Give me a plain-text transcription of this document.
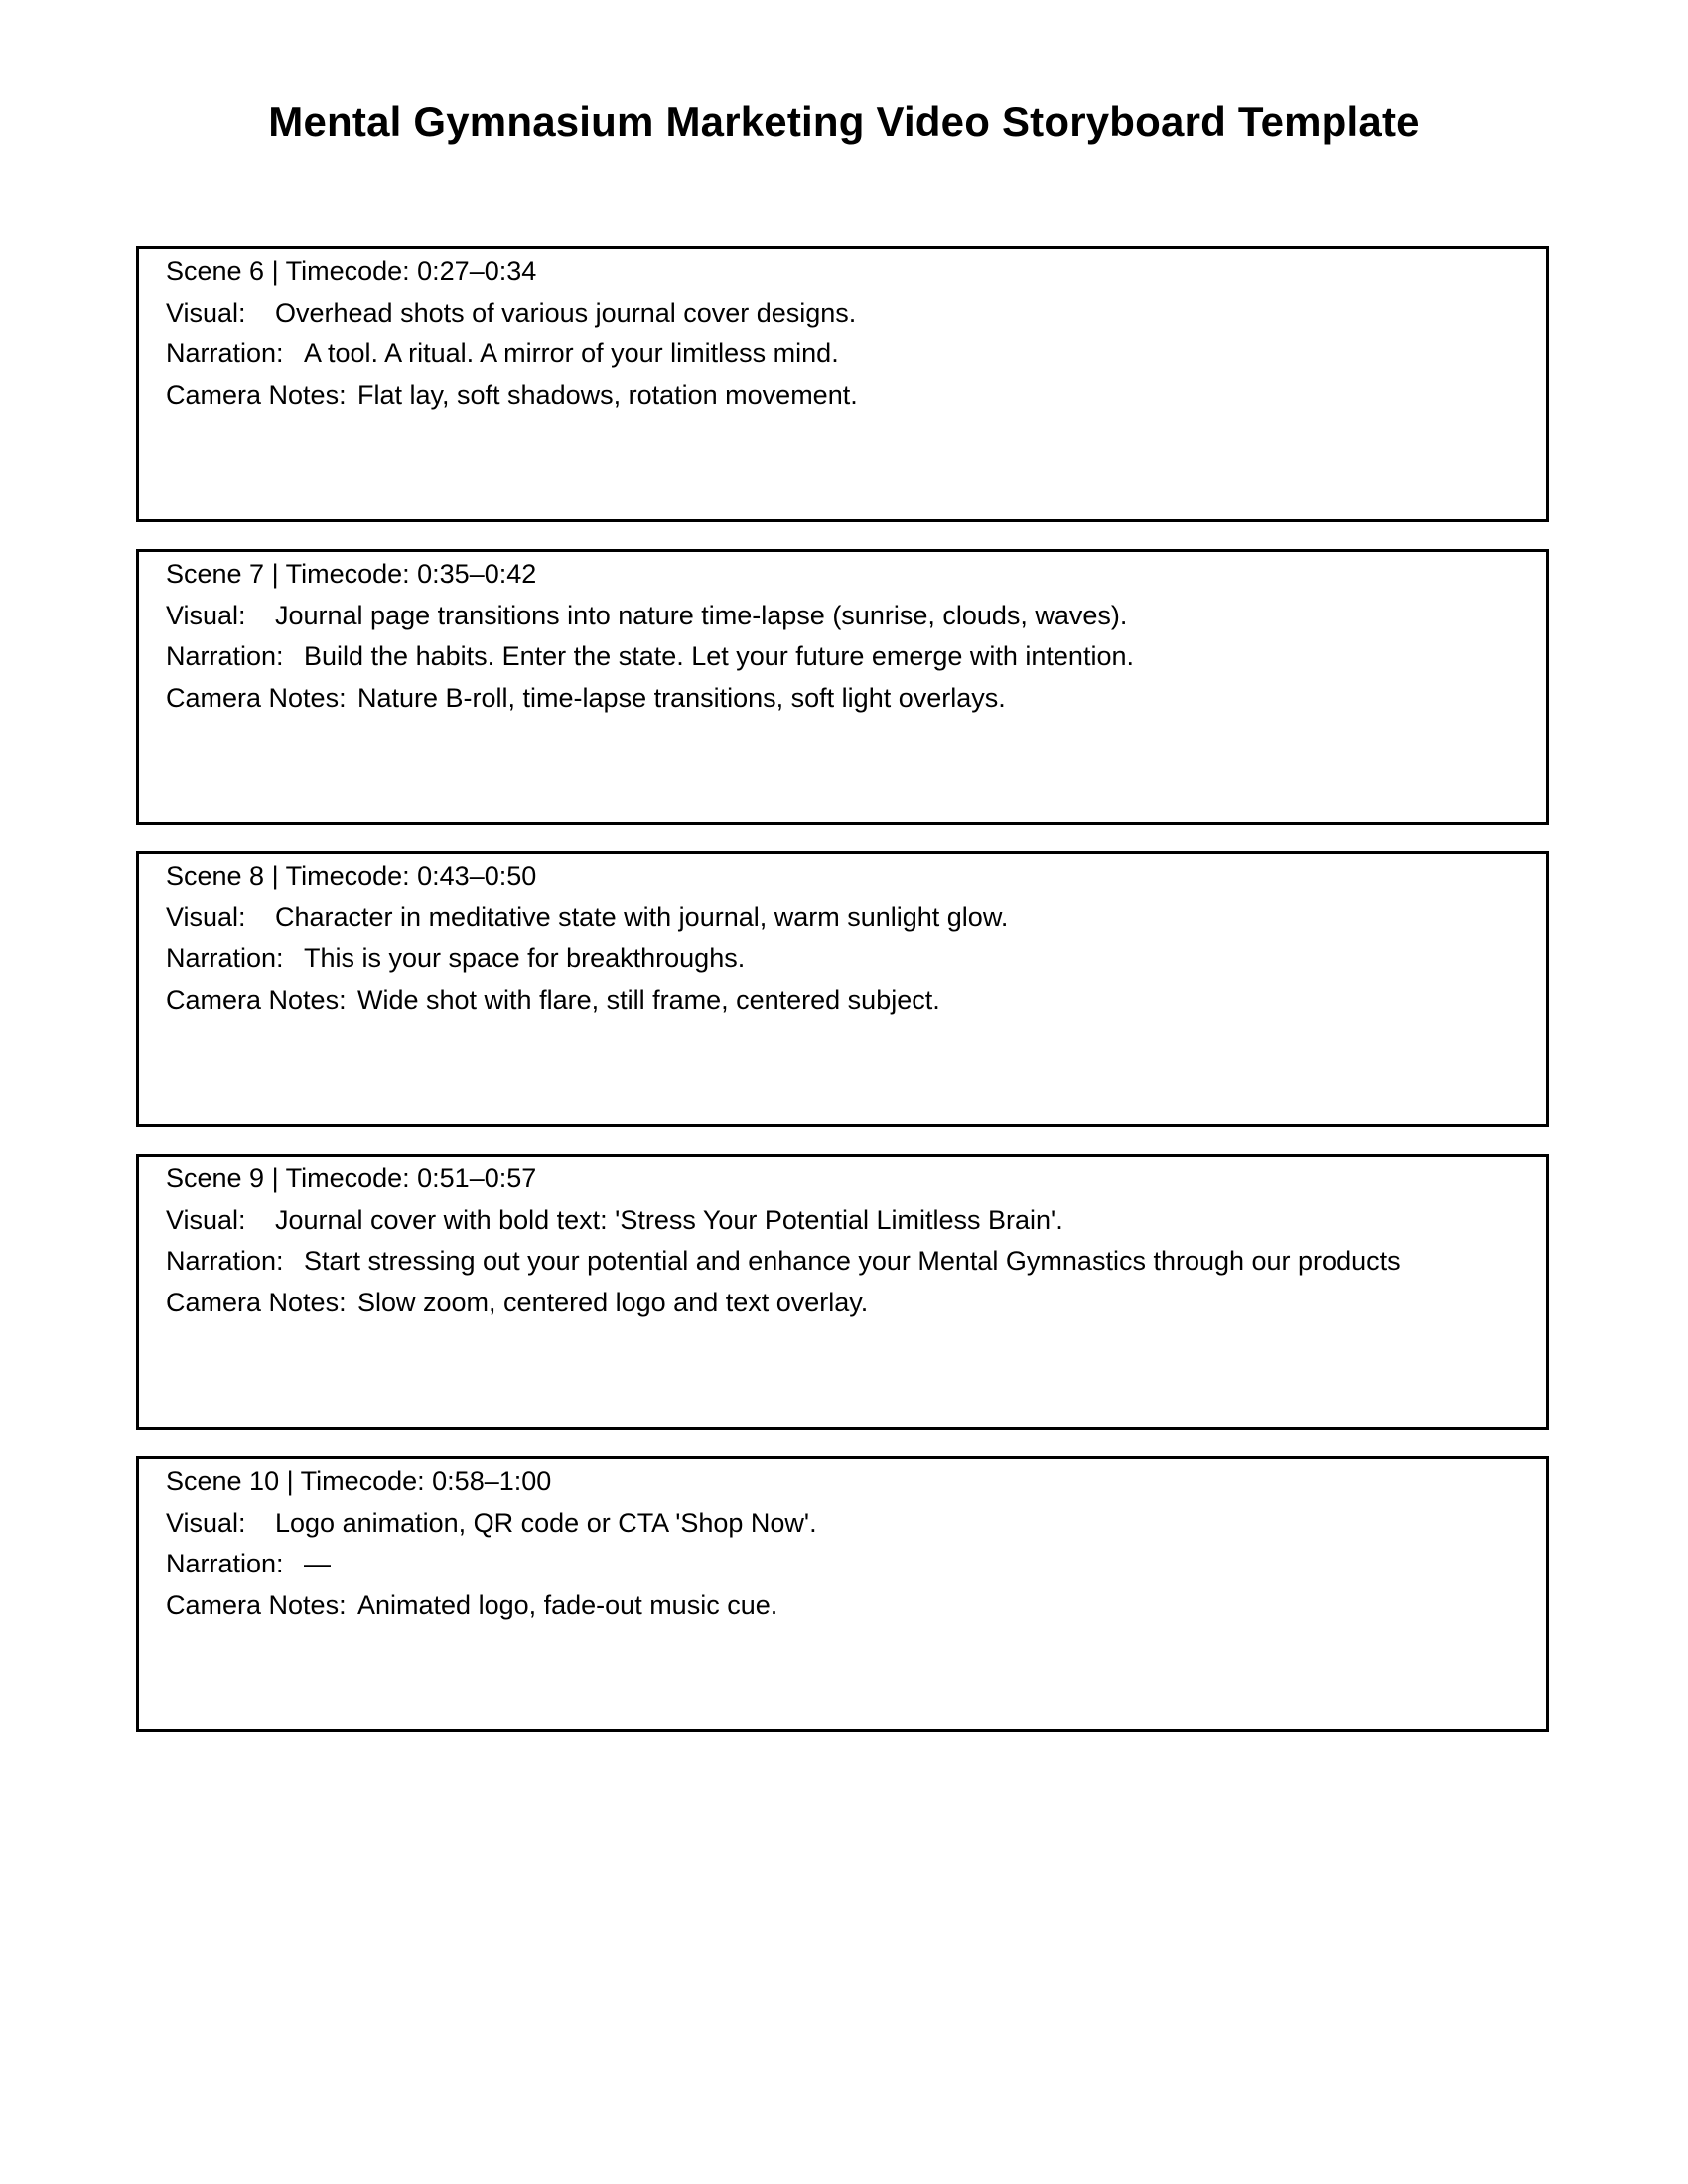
Mental Gymnasium Marketing Video Storyboard Template

Scene 6 | Timecode: 0:27–0:34

Visual: Overhead shots of various journal cover designs.

Narration: A tool. A ritual. A mirror of your limitless mind.

Camera Notes: Flat lay, soft shadows, rotation movement.

Scene 7 | Timecode: 0:35–0:42

Visual: Journal page transitions into nature time-lapse (sunrise, clouds, waves).

Narration: Build the habits. Enter the state. Let your future emerge with intention.

Camera Notes: Nature B-roll, time-lapse transitions, soft light overlays.

Scene 8 | Timecode: 0:43–0:50

Visual: Character in meditative state with journal, warm sunlight glow.

Narration: This is your space for breakthroughs.

Camera Notes: Wide shot with flare, still frame, centered subject.

Scene 9 | Timecode: 0:51–0:57

Visual: Journal cover with bold text: 'Stress Your Potential Limitless Brain'.

Narration: Start stressing out your potential and enhance your Mental Gymnastics through our products

Camera Notes: Slow zoom, centered logo and text overlay.

Scene 10 | Timecode: 0:58–1:00

Visual: Logo animation, QR code or CTA 'Shop Now'.

Narration: —

Camera Notes: Animated logo, fade-out music cue.
